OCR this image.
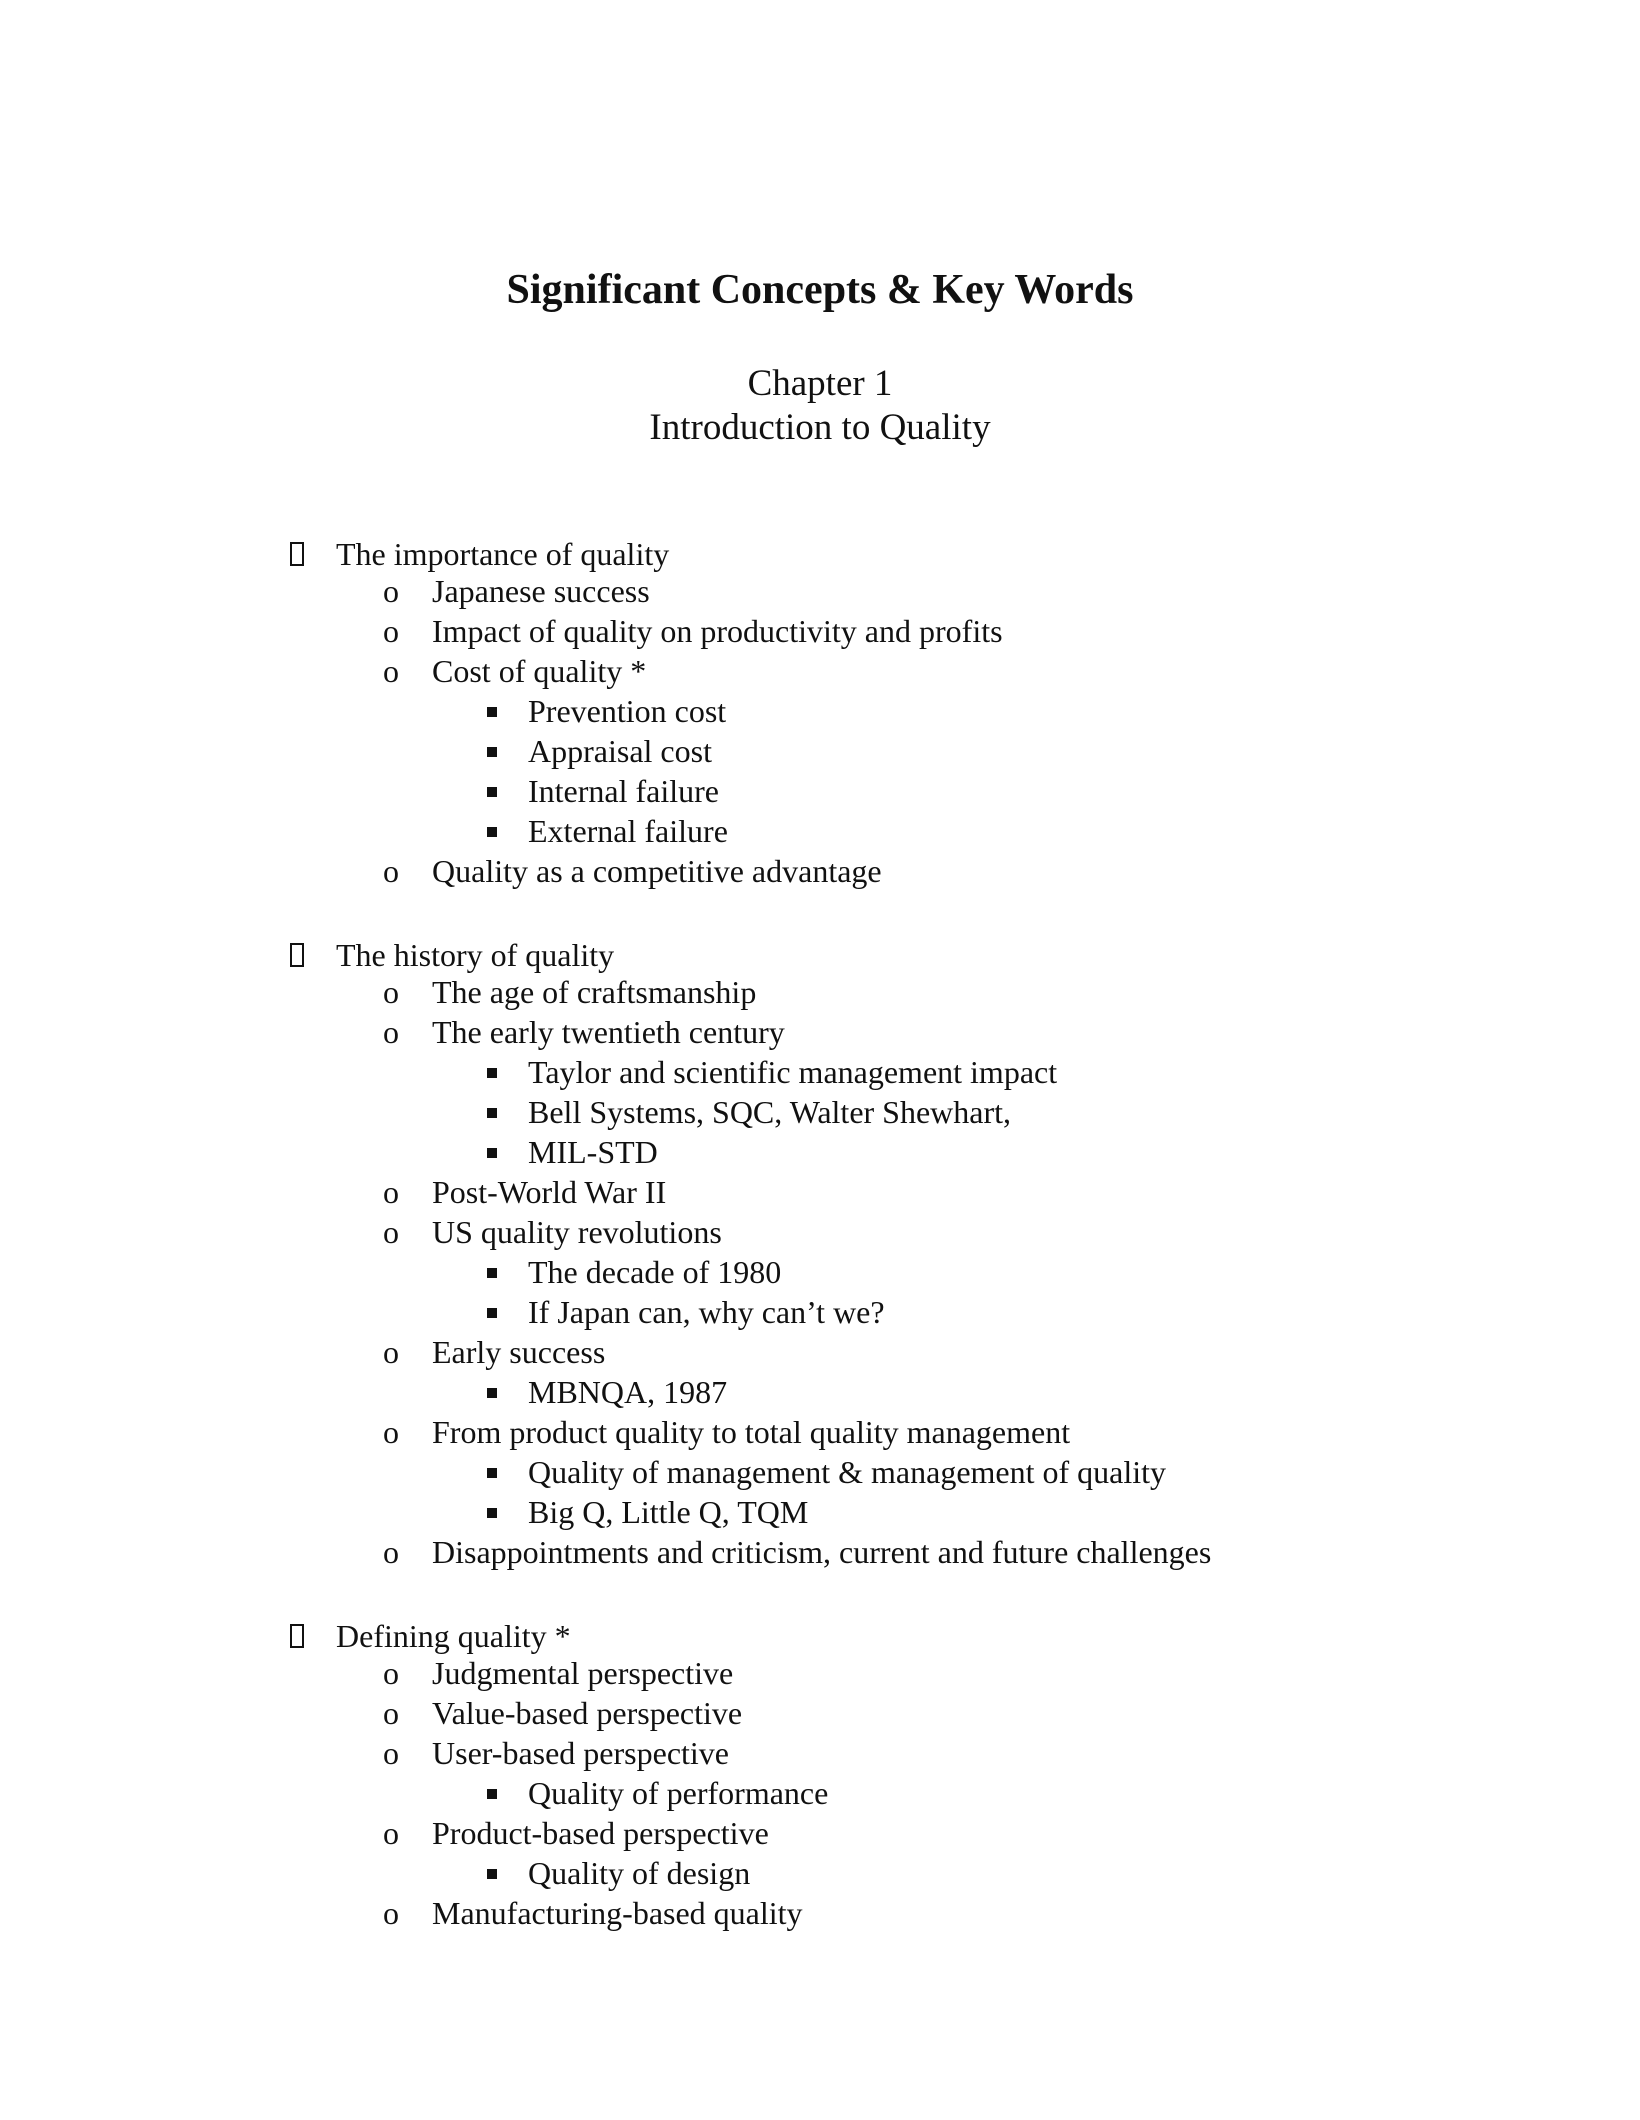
Significant Concepts & Key Words
Chapter 1
Introduction to Quality
The importance of quality
o Japanese success
o Impact of quality on productivity and profits
o Cost of quality *
Prevention cost
Appraisal cost
Internal failure
External failure
o Quality as a competitive advantage
The history of quality
o The age of craftsmanship
o The early twentieth century
Taylor and scientific management impact
Bell Systems, SQC, Walter Shewhart,
MIL-STD
o Post-World War II
o US quality revolutions
The decade of 1980
If Japan can, why can’t we?
o Early success
MBNQA, 1987
o From product quality to total quality management
Quality of management & management of quality
Big Q, Little Q, TQM
o Disappointments and criticism, current and future challenges
Defining quality *
o Judgmental perspective
o Value-based perspective
o User-based perspective
Quality of performance
o Product-based perspective
Quality of design
o Manufacturing-based quality
